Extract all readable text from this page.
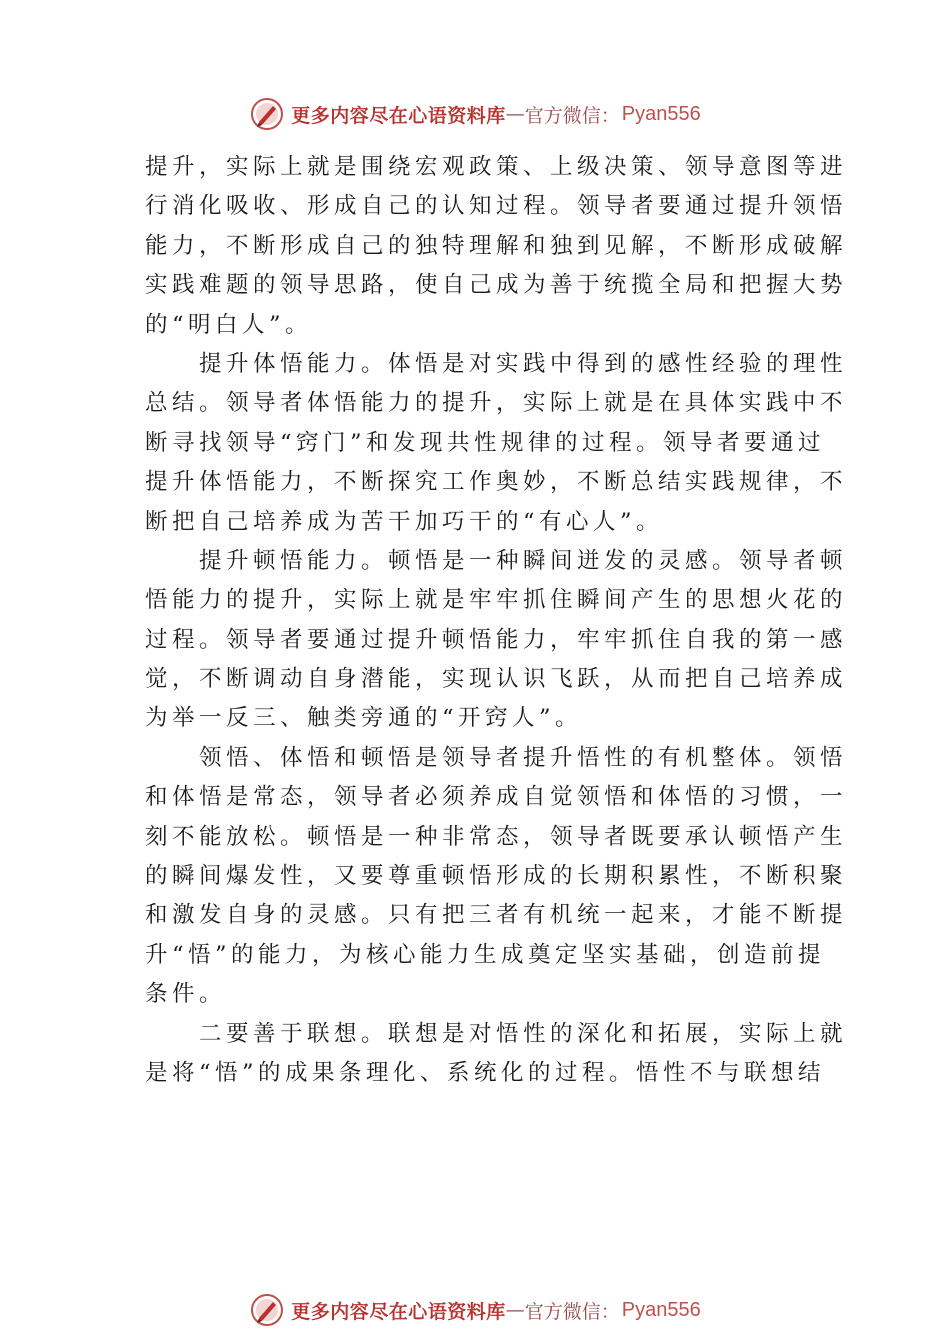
更多内容尽在心语资料库 — 官方微信： Pyan556
提升，实际上就是围绕宏观政策、上级决策、领导意图等进
行消化吸收、形成自己的认知过程。领导者要通过提升领悟
能力，不断形成自己的独特理解和独到见解，不断形成破解
实践难题的领导思路，使自己成为善于统揽全局和把握大势
的“明白人”。
　　提升体悟能力。体悟是对实践中得到的感性经验的理性
总结。领导者体悟能力的提升，实际上就是在具体实践中不
断寻找领导“窍门”和发现共性规律的过程。领导者要通过
提升体悟能力，不断探究工作奥妙，不断总结实践规律，不
断把自己培养成为苦干加巧干的“有心人”。
　　提升顿悟能力。顿悟是一种瞬间迸发的灵感。领导者顿
悟能力的提升，实际上就是牢牢抓住瞬间产生的思想火花的
过程。领导者要通过提升顿悟能力，牢牢抓住自我的第一感
觉，不断调动自身潜能，实现认识飞跃，从而把自己培养成
为举一反三、触类旁通的“开窍人”。
　　领悟、体悟和顿悟是领导者提升悟性的有机整体。领悟
和体悟是常态，领导者必须养成自觉领悟和体悟的习惯，一
刻不能放松。顿悟是一种非常态，领导者既要承认顿悟产生
的瞬间爆发性，又要尊重顿悟形成的长期积累性，不断积聚
和激发自身的灵感。只有把三者有机统一起来，才能不断提
升“悟”的能力，为核心能力生成奠定坚实基础，创造前提
条件。
　　二要善于联想。联想是对悟性的深化和拓展，实际上就
是将“悟”的成果条理化、系统化的过程。悟性不与联想结
更多内容尽在心语资料库 — 官方微信： Pyan556
